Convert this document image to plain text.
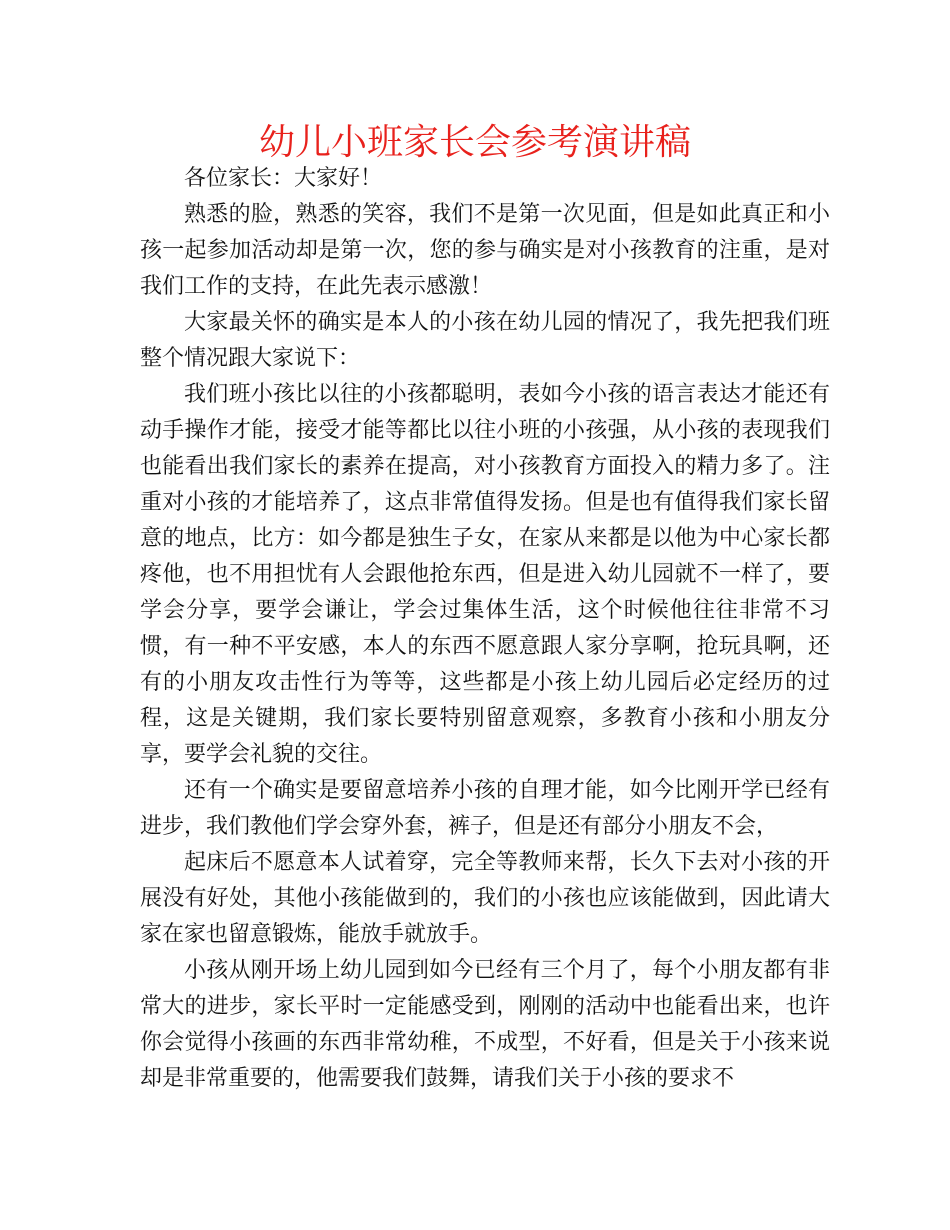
幼儿小班家长会参考演讲稿

各位家长：大家好！

熟悉的脸，熟悉的笑容，我们不是第一次见面，但是如此真正和小孩一起参加活动却是第一次，您的参与确实是对小孩教育的注重，是对我们工作的支持，在此先表示感激！

大家最关怀的确实是本人的小孩在幼儿园的情况了，我先把我们班整个情况跟大家说下：

我们班小孩比以往的小孩都聪明，表如今小孩的语言表达才能还有动手操作才能，接受才能等都比以往小班的小孩强，从小孩的表现我们也能看出我们家长的素养在提高，对小孩教育方面投入的精力多了。注重对小孩的才能培养了，这点非常值得发扬。但是也有值得我们家长留意的地点，比方：如今都是独生子女，在家从来都是以他为中心家长都疼他，也不用担忧有人会跟他抢东西，但是进入幼儿园就不一样了，要学会分享，要学会谦让，学会过集体生活，这个时候他往往非常不习惯，有一种不平安感，本人的东西不愿意跟人家分享啊，抢玩具啊，还有的小朋友攻击性行为等等，这些都是小孩上幼儿园后必定经历的过程，这是关键期，我们家长要特别留意观察，多教育小孩和小朋友分享，要学会礼貌的交往。

还有一个确实是要留意培养小孩的自理才能，如今比刚开学已经有进步，我们教他们学会穿外套，裤子，但是还有部分小朋友不会，

起床后不愿意本人试着穿，完全等教师来帮，长久下去对小孩的开展没有好处，其他小孩能做到的，我们的小孩也应该能做到，因此请大家在家也留意锻炼，能放手就放手。

小孩从刚开场上幼儿园到如今已经有三个月了，每个小朋友都有非常大的进步，家长平时一定能感受到，刚刚的活动中也能看出来，也许你会觉得小孩画的东西非常幼稚，不成型，不好看，但是关于小孩来说却是非常重要的，他需要我们鼓舞，请我们关于小孩的要求不
